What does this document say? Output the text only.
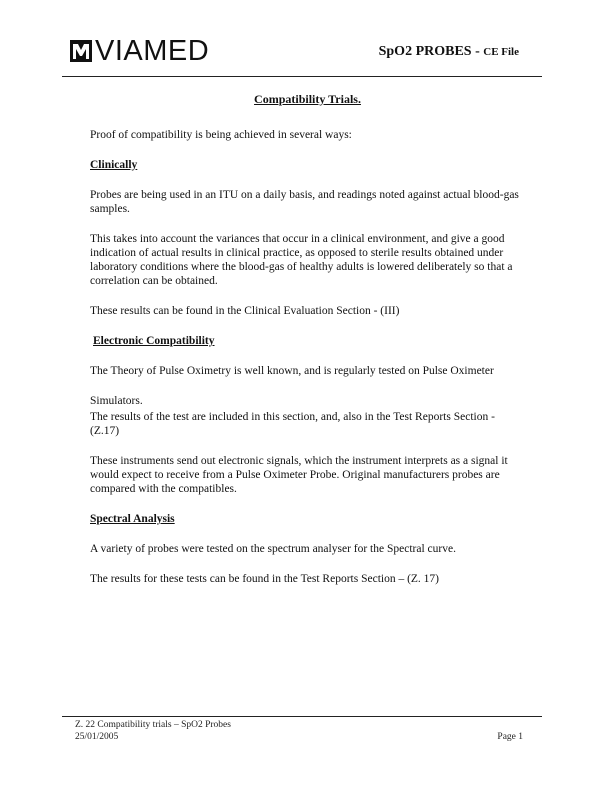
VIAMED	SpO2 PROBES - CE File
Compatibility Trials.

Proof of compatibility is being achieved in several ways:

Clinically

Probes are being used in an ITU on a daily basis, and readings noted against actual blood-gas samples.

This takes into account the variances that occur in a clinical environment, and give a good indication of actual results in clinical practice, as opposed to sterile results obtained under laboratory conditions where the blood-gas of healthy adults is lowered deliberately so that a correlation can be obtained.

These results can be found in the Clinical Evaluation Section - (III)

Electronic Compatibility

The Theory of Pulse Oximetry is well known, and is regularly tested on Pulse Oximeter

Simulators.

The results of the test are included in this section, and, also in the Test Reports Section - (Z.17)

These instruments send out electronic signals, which the instrument interprets as a signal it would expect to receive from a Pulse Oximeter Probe. Original manufacturers probes are compared with the compatibles.

Spectral Analysis

A variety of probes were tested on the spectrum analyser for the Spectral curve.

The results for these tests can be found in the Test Reports Section – (Z. 17)

Z. 22 Compatibility trials – SpO2 Probes
25/01/2005	Page 1
